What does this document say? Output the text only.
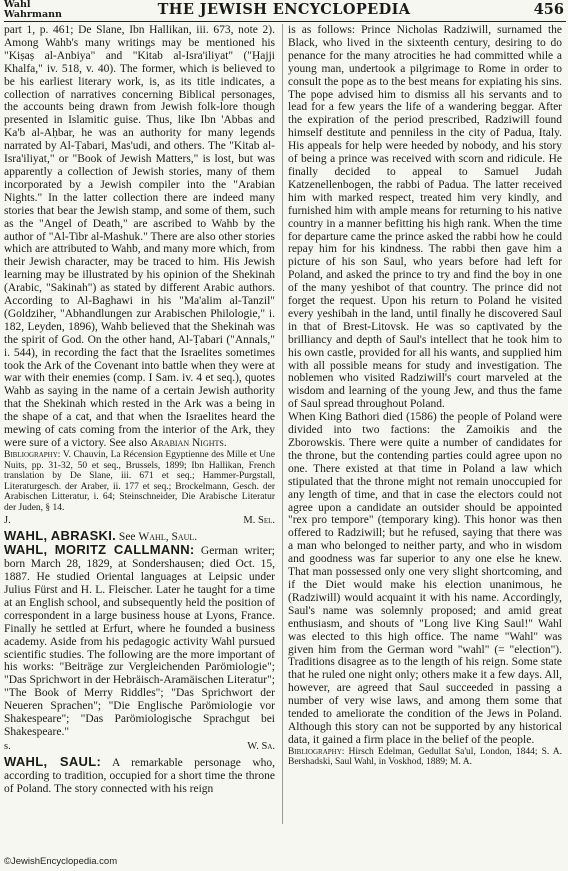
Wahl
Wahrmann	THE JEWISH ENCYCLOPEDIA	456

part 1, p. 461; De Slane, Ibn Hallikan, iii. 673, note 2). Among Wahb's many writings may be mentioned his "Kiṣaṣ al-Anbiya" and "Kitab al-Isra'iliyat" ("Ḥajji Khalfa," iv. 518, v. 40). The former, which is believed to be his earliest literary work, is, as its title indicates, a collection of narratives concerning Biblical personages, the accounts being drawn from Jewish folk-lore though presented in Islamitic guise. Thus, like Ibn 'Abbas and Ka'b al-Aḥbar, he was an authority for many legends narrated by Al-Ṭabari, Mas'udi, and others. The "Kitab al-Isra'iliyat," or "Book of Jewish Matters," is lost, but was apparently a collection of Jewish stories, many of them incorporated by a Jewish compiler into the "Arabian Nights." In the latter collection there are indeed many stories that bear the Jewish stamp, and some of them, such as the "Angel of Death," are ascribed to Wahb by the author of "Al-Tibr al-Mashuk." There are also other stories which are attributed to Wahb, and many more which, from their Jewish character, may be traced to him. His Jewish learning may be illustrated by his opinion of the Shekinah (Arabic, "Sakinah") as stated by different Arabic authors. According to Al-Baghawi in his "Ma'alim al-Tanzil" (Goldziher, "Abhandlungen zur Arabischen Philologie," i. 182, Leyden, 1896), Wahb believed that the Shekinah was the spirit of God. On the other hand, Al-Ṭabari ("Annals," i. 544), in recording the fact that the Israelites sometimes took the Ark of the Covenant into battle when they were at war with their enemies (comp. I Sam. iv. 4 et seq.), quotes Wahb as saying in the name of a certain Jewish authority that the Shekinah which rested in the Ark was a being in the shape of a cat, and that when the Israelites heard the mewing of cats coming from the interior of the Ark, they were sure of a victory. See also Arabian Nights.

Bibliography: V. Chauvin, La Récension Egyptienne des Mille et Une Nuits, pp. 31-32, 50 et seq., Brussels, 1899; Ibn Hallikan, French translation by De Slane, iii. 671 et seq.; Hammer-Purgstall, Literaturgesch. der Araber, ii. 177 et seq.; Brockelmann, Gesch. der Arabischen Litteratur, i. 64; Steinschneider, Die Arabische Literatur der Juden, § 14.

J.	M. Sel.

WAHL, ABRASKI. See Wahl, Saul.

WAHL, MORITZ CALLMANN: German writer; born March 28, 1829, at Sondershausen; died Oct. 15, 1887. He studied Oriental languages at Leipsic under Julius Fürst and H. L. Fleischer. Later he taught for a time at an English school, and subsequently held the position of correspondent in a large business house at Lyons, France. Finally he settled at Erfurt, where he founded a business academy. Aside from his pedagogic activity Wahl pursued scientific studies. The following are the more important of his works: "Beiträge zur Vergleichenden Parömiologie"; "Das Sprichwort in der Hebräisch-Aramäischen Literatur"; "The Book of Merry Riddles"; "Das Sprichwort der Neueren Sprachen"; "Die Englische Parömiologie vor Shakespeare"; "Das Parömiologische Sprachgut bei Shakespeare."

s.	W. Sa.

WAHL, SAUL: A remarkable personage who, according to tradition, occupied for a short time the throne of Poland. The story connected with his reign

is as follows: Prince Nicholas Radziwill, surnamed the Black, who lived in the sixteenth century, desiring to do penance for the many atrocities he had committed while a young man, undertook a pilgrimage to Rome in order to consult the pope as to the best means for expiating his sins. The pope advised him to dismiss all his servants and to lead for a few years the life of a wandering beggar. After the expiration of the period prescribed, Radziwill found himself destitute and penniless in the city of Padua, Italy. His appeals for help were heeded by nobody, and his story of being a prince was received with scorn and ridicule. He finally decided to appeal to Samuel Judah Katzenellenbogen, the rabbi of Padua. The latter received him with marked respect, treated him very kindly, and furnished him with ample means for returning to his native country in a manner befitting his high rank. When the time for departure came the prince asked the rabbi how he could repay him for his kindness. The rabbi then gave him a picture of his son Saul, who years before had left for Poland, and asked the prince to try and find the boy in one of the many yeshibot of that country. The prince did not forget the request. Upon his return to Poland he visited every yeshibah in the land, until finally he discovered Saul in that of Brest-Litovsk. He was so captivated by the brilliancy and depth of Saul's intellect that he took him to his own castle, provided for all his wants, and supplied him with all possible means for study and investigation. The noblemen who visited Radziwill's court marveled at the wisdom and learning of the young Jew, and thus the fame of Saul spread throughout Poland.

When King Bathori died (1586) the people of Poland were divided into two factions: the Zamoikis and the Zborowskis. There were quite a number of candidates for the throne, but the contending parties could agree upon no one. There existed at that time in Poland a law which stipulated that the throne might not remain unoccupied for any length of time, and that in case the electors could not agree upon a candidate an outsider should be appointed "rex pro tempore" (temporary king). This honor was then offered to Radziwill; but he refused, saying that there was a man who belonged to neither party, and who in wisdom and goodness was far superior to any one else he knew. That man possessed only one very slight shortcoming, and if the Diet would make his election unanimous, he (Radziwill) would acquaint it with his name. Accordingly, Saul's name was solemnly proposed; and amid great enthusiasm, and shouts of "Long live King Saul!" Wahl was elected to this high office. The name "Wahl" was given him from the German word "wahl" (= "election"). Traditions disagree as to the length of his reign. Some state that he ruled one night only; others make it a few days. All, however, are agreed that Saul succeeded in passing a number of very wise laws, and among them some that tended to ameliorate the condition of the Jews in Poland. Although this story can not be supported by any historical data, it gained a firm place in the belief of the people.

Bibliography: Hirsch Edelman, Gedullat Sa'ul, London, 1844; S. A. Bershadski, Saul Wahl, in Voskhod, 1889; M. A.

©JewishEncyclopedia.com
